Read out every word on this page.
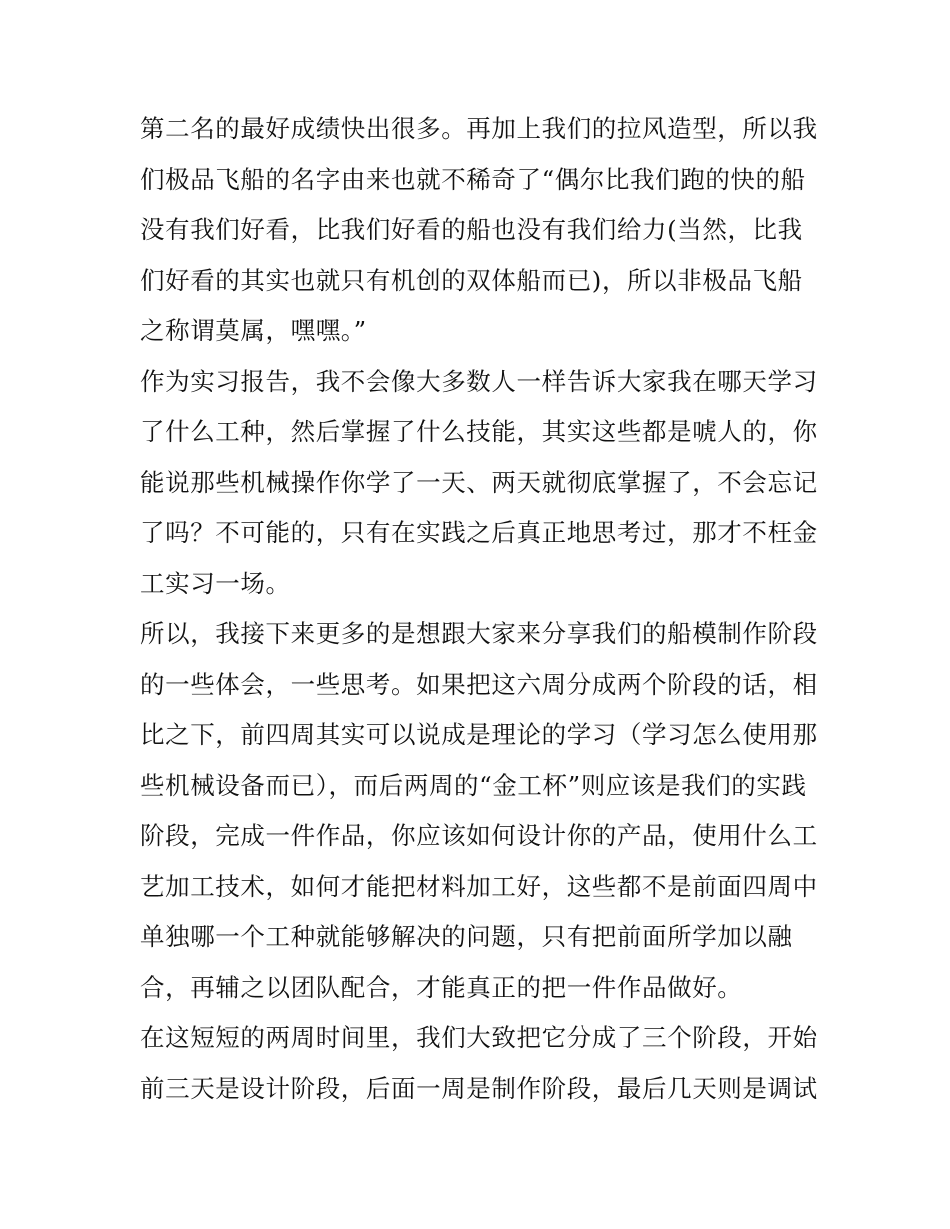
第二名的最好成绩快出很多。再加上我们的拉风造型，所以我
们极品飞船的名字由来也就不稀奇了“偶尔比我们跑的快的船
没有我们好看，比我们好看的船也没有我们给力(当然，比我
们好看的其实也就只有机创的双体船而已)，所以非极品飞船
之称谓莫属，嘿嘿。”
作为实习报告，我不会像大多数人一样告诉大家我在哪天学习
了什么工种，然后掌握了什么技能，其实这些都是唬人的，你
能说那些机械操作你学了一天、两天就彻底掌握了，不会忘记
了吗？不可能的，只有在实践之后真正地思考过，那才不枉金
工实习一场。
所以，我接下来更多的是想跟大家来分享我们的船模制作阶段
的一些体会，一些思考。如果把这六周分成两个阶段的话，相
比之下，前四周其实可以说成是理论的学习（学习怎么使用那
些机械设备而已），而后两周的“金工杯”则应该是我们的实践
阶段，完成一件作品，你应该如何设计你的产品，使用什么工
艺加工技术，如何才能把材料加工好，这些都不是前面四周中
单独哪一个工种就能够解决的问题，只有把前面所学加以融
合，再辅之以团队配合，才能真正的把一件作品做好。
在这短短的两周时间里，我们大致把它分成了三个阶段，开始
前三天是设计阶段，后面一周是制作阶段，最后几天则是调试
